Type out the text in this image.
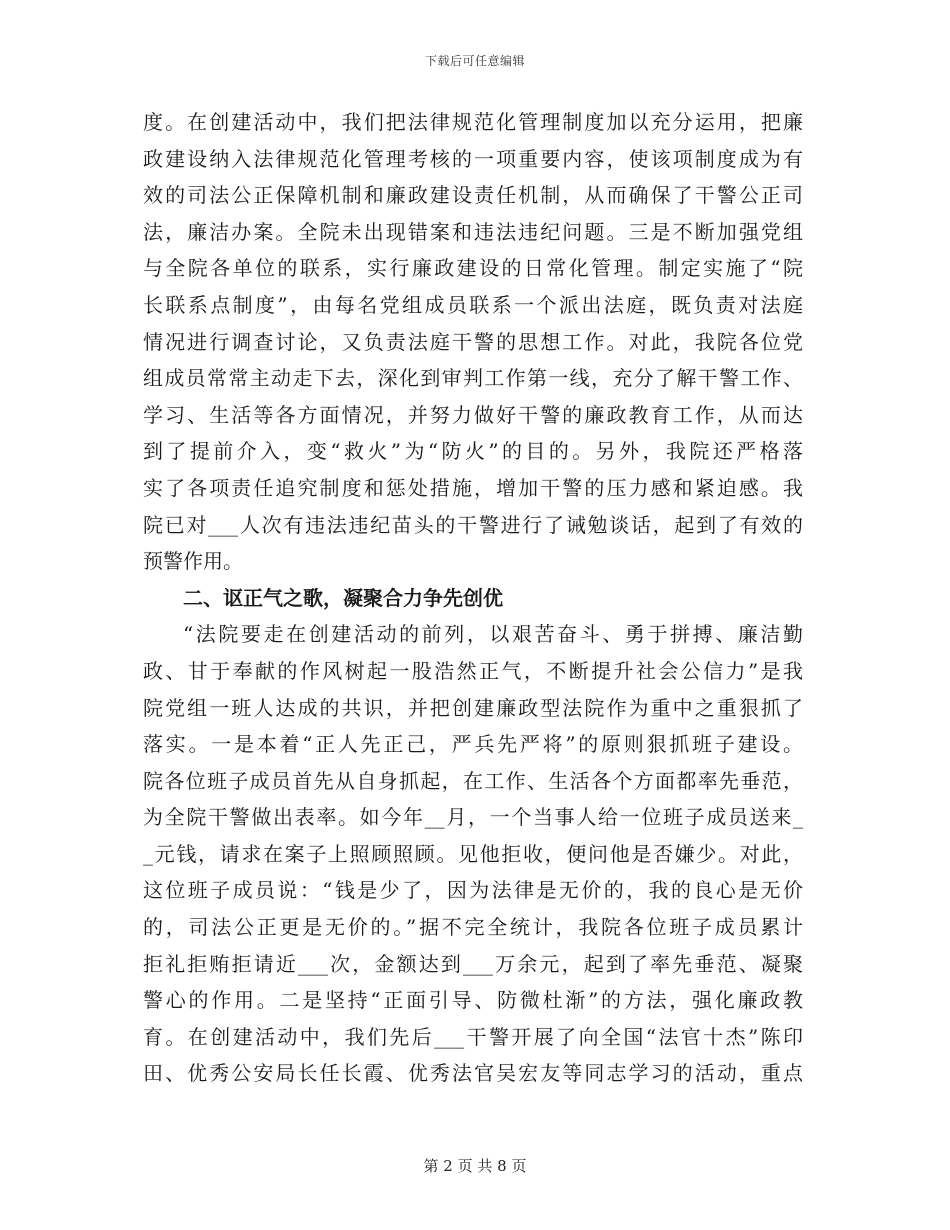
下载后可任意编辑
度。在创建活动中，我们把法律规范化管理制度加以充分运用，把廉
政建设纳入法律规范化管理考核的一项重要内容，使该项制度成为有
效的司法公正保障机制和廉政建设责任机制，从而确保了干警公正司
法，廉洁办案。全院未出现错案和违法违纪问题。三是不断加强党组
与全院各单位的联系，实行廉政建设的日常化管理。制定实施了“院
长联系点制度”，由每名党组成员联系一个派出法庭，既负责对法庭
情况进行调查讨论，又负责法庭干警的思想工作。对此，我院各位党
组成员常常主动走下去，深化到审判工作第一线，充分了解干警工作、
学习、生活等各方面情况，并努力做好干警的廉政教育工作，从而达
到了提前介入，变“救火”为“防火”的目的。另外，我院还严格落
实了各项责任追究制度和惩处措施，增加干警的压力感和紧迫感。我
院已对___人次有违法违纪苗头的干警进行了诫勉谈话，起到了有效的
预警作用。
二、讴正气之歌，凝聚合力争先创优
“法院要走在创建活动的前列，以艰苦奋斗、勇于拼搏、廉洁勤
政、甘于奉献的作风树起一股浩然正气，不断提升社会公信力”是我
院党组一班人达成的共识，并把创建廉政型法院作为重中之重狠抓了
落实。一是本着“正人先正己，严兵先严将”的原则狠抓班子建设。
院各位班子成员首先从自身抓起，在工作、生活各个方面都率先垂范，
为全院干警做出表率。如今年__月，一个当事人给一位班子成员送来_
_元钱，请求在案子上照顾照顾。见他拒收，便问他是否嫌少。对此，
这位班子成员说：“钱是少了，因为法律是无价的，我的良心是无价
的，司法公正更是无价的。”据不完全统计，我院各位班子成员累计
拒礼拒贿拒请近___次，金额达到___万余元，起到了率先垂范、凝聚
警心的作用。二是坚持“正面引导、防微杜渐”的方法，强化廉政教
育。在创建活动中，我们先后___干警开展了向全国“法官十杰”陈印
田、优秀公安局长任长霞、优秀法官吴宏友等同志学习的活动，重点
第 2 页 共 8 页
